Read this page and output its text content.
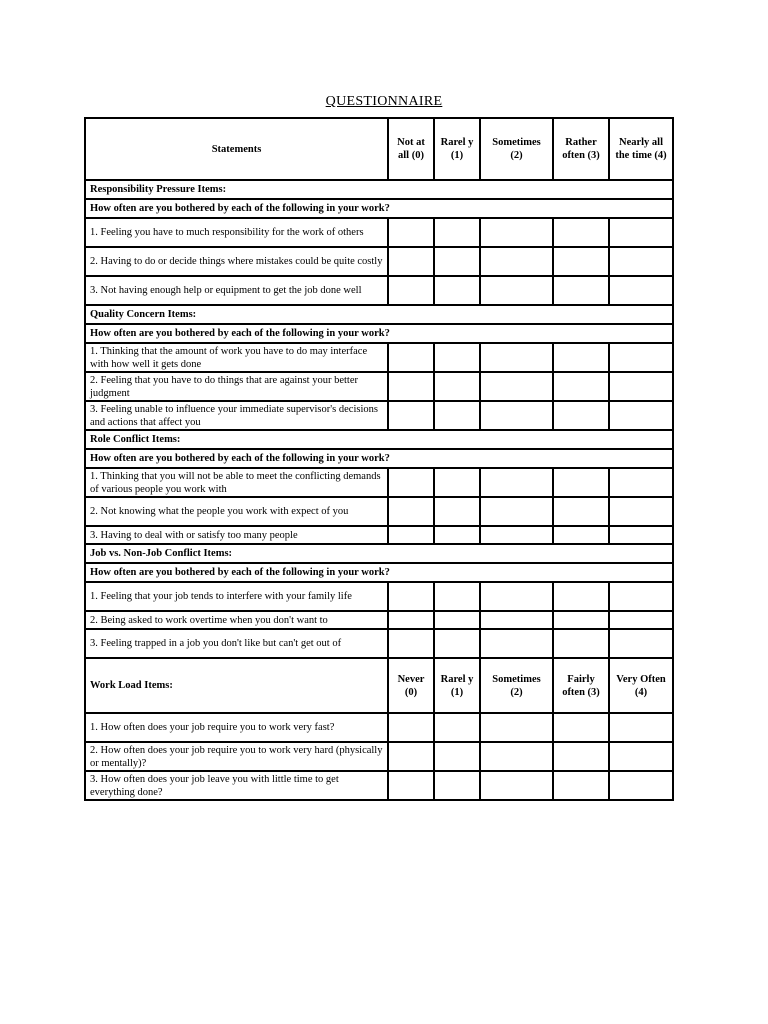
QUESTIONNAIRE
Statements	Not at all (0)	Rarel y (1)	Sometimes (2)	Rather often (3)	Nearly all the time (4)
Responsibility Pressure Items:					
How often are you bothered by each of the following in your work?					
1. Feeling you have to much responsibility for the work of others					
2. Having to do or decide things where mistakes could be quite costly					
3. Not having enough help or equipment to get the job done well					
Quality Concern Items:					
How often are you bothered by each of the following in your work?					
1. Thinking that the amount of work you have to do may interface with how well it gets done					
2. Feeling that you have to do things that are against your better judgment					
3. Feeling unable to influence your immediate supervisor's decisions and actions that affect you					
Role Conflict Items:					
How often are you bothered by each of the following in your work?					
1. Thinking that you will not be able to meet the conflicting demands of various people you work with					
2. Not knowing what the people you work with expect of you					
3. Having to deal with or satisfy too many people					
Job vs. Non-Job Conflict Items:					
How often are you bothered by each of the following in your work?					
1. Feeling that your job tends to interfere with your family life					
2. Being asked to work overtime when you don't want to					
3. Feeling trapped in a job you don't like but can't get out of					
Work Load Items:	Never (0)	Rarel y (1)	Sometimes (2)	Fairly often (3)	Very Often (4)
1. How often does your job require you to work very fast?					
2. How often does your job require you to work very hard (physically or mentally)?					
3. How often does your job leave you with little time to get everything done?					
